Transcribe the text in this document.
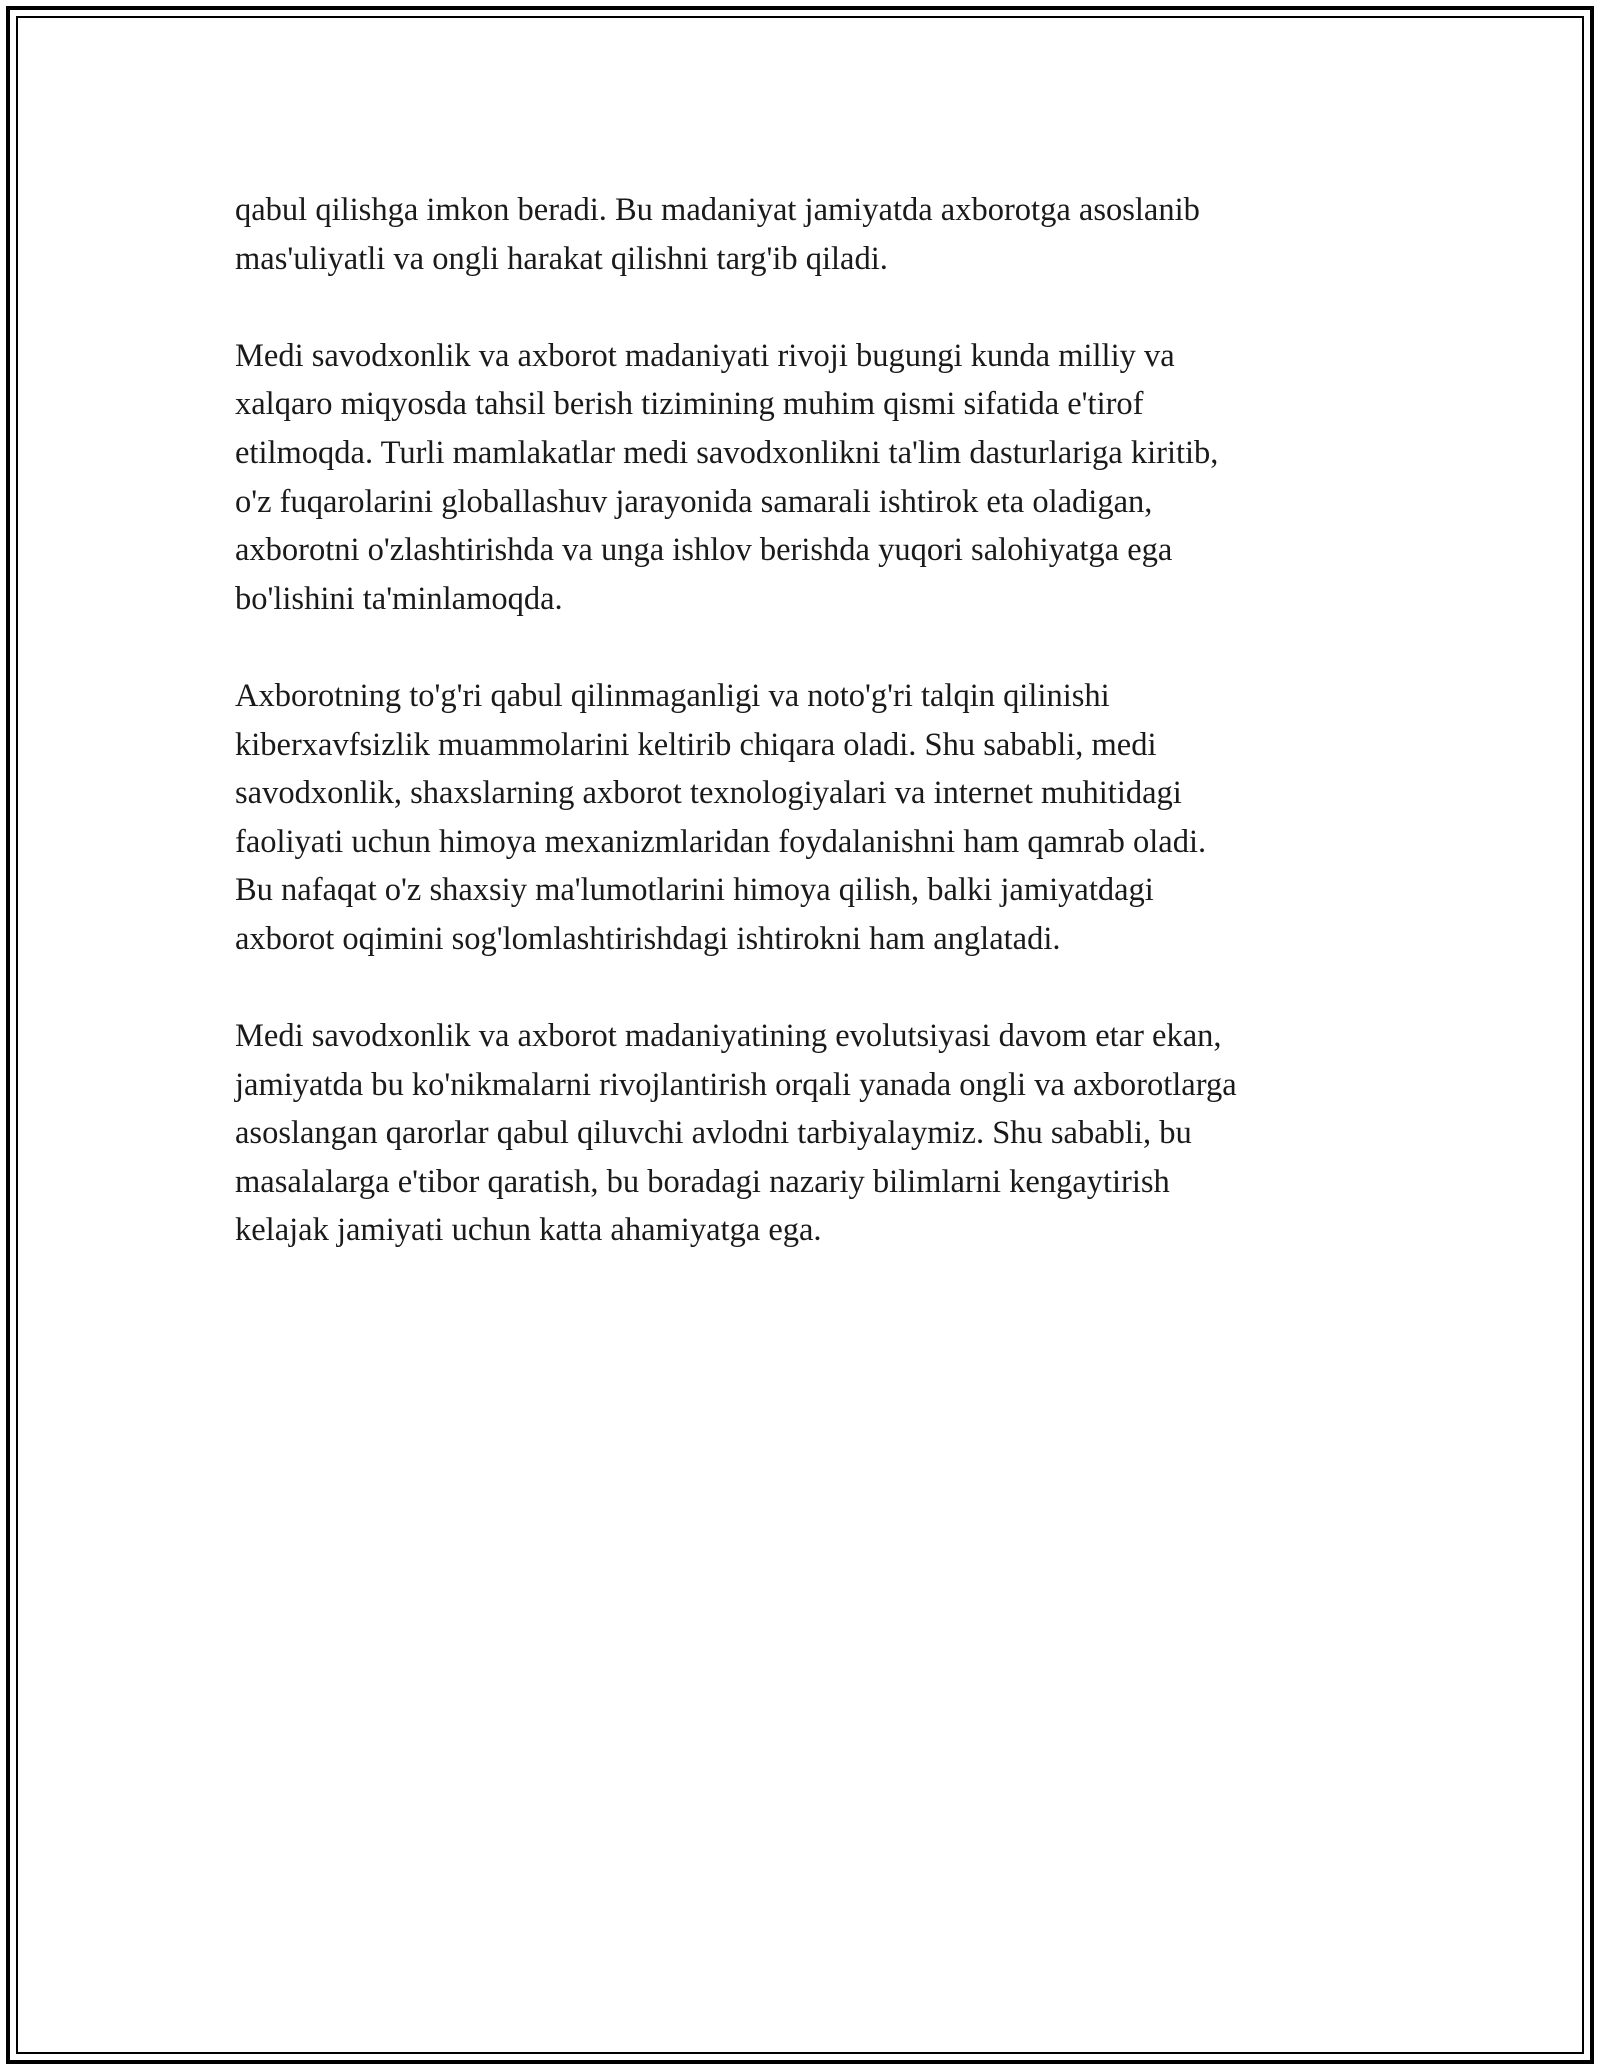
qabul qilishga imkon beradi. Bu madaniyat jamiyatda axborotga asoslanib
mas'uliyatli va ongli harakat qilishni targ'ib qiladi.

Medi savodxonlik va axborot madaniyati rivoji bugungi kunda milliy va
xalqaro miqyosda tahsil berish tizimining muhim qismi sifatida e'tirof
etilmoqda. Turli mamlakatlar medi savodxonlikni ta'lim dasturlariga kiritib,
o'z fuqarolarini globallashuv jarayonida samarali ishtirok eta oladigan,
axborotni o'zlashtirishda va unga ishlov berishda yuqori salohiyatga ega
bo'lishini ta'minlamoqda.

Axborotning to'g'ri qabul qilinmaganligi va noto'g'ri talqin qilinishi
kiberxavfsizlik muammolarini keltirib chiqara oladi. Shu sababli, medi
savodxonlik, shaxslarning axborot texnologiyalari va internet muhitidagi
faoliyati uchun himoya mexanizmlaridan foydalanishni ham qamrab oladi.
Bu nafaqat o'z shaxsiy ma'lumotlarini himoya qilish, balki jamiyatdagi
axborot oqimini sog'lomlashtirishdagi ishtirokni ham anglatadi.

Medi savodxonlik va axborot madaniyatining evolutsiyasi davom etar ekan,
jamiyatda bu ko'nikmalarni rivojlantirish orqali yanada ongli va axborotlarga
asoslangan qarorlar qabul qiluvchi avlodni tarbiyalaymiz. Shu sababli, bu
masalalarga e'tibor qaratish, bu boradagi nazariy bilimlarni kengaytirish
kelajak jamiyati uchun katta ahamiyatga ega.
